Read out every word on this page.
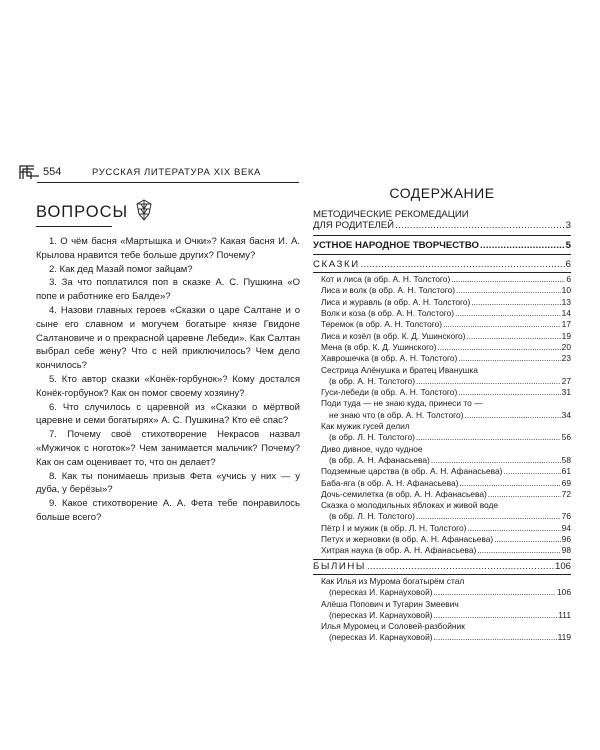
554	РУССКАЯ ЛИТЕРАТУРА XIX ВЕКА
ВОПРОСЫ

1. О чём басня «Мартышка и Очки»? Какая басня И. А. Крылова нравится тебе больше других? Почему?

2. Как дед Мазай помог зайцам?

3. За что поплатился поп в сказке А. С. Пушкина «О попе и работнике его Балде»?

4. Назови главных героев «Сказки о царе Салтане и о сыне его славном и могучем богатыре князе Гвидоне Салтановиче и о прекрасной царевне Лебеди». Как Салтан выбрал себе жену? Что с ней приключилось? Чем дело кончилось?

5. Кто автор сказки «Конёк-горбунок»? Кому достался Конёк-горбунок? Как он помог своему хозяину?

6. Что случилось с царевной из «Сказки о мёртвой царевне и семи богатырях» А. С. Пушкина? Кто её спас?

7. Почему своё стихотворение Некрасов назвал «Мужичок с ноготок»? Чем занимается мальчик? Почему? Как он сам оценивает то, что он делает?

8. Как ты понимаешь призыв Фета «учись у них — у дуба, у берёзы»?

9. Какое стихотворение А. А. Фета тебе понравилось больше всего?

СОДЕРЖАНИЕ
МЕТОДИЧЕСКИЕ РЕКОМЕДАЦИИ
ДЛЯ РОДИТЕЛЕЙ . . .	3
УСТНОЕ НАРОДНОЕ ТВОРЧЕСТВО . . .	5
СКАЗКИ . . .	6
Кот и лиса (в обр. А. Н. Толстого) . . .	6
Лиса и волк (в обр. А. Н. Толстого) . . .	10
Лиса и журавль (в обр. А. Н. Толстого) . . .	13
Волк и коза (в обр. А. Н. Толстого) . . .	14
Теремок (в обр. А. Н. Толстого) . . .	17
Лиса и козёл (в обр. К. Д. Ушинского) . . .	19
Мена (в обр. К. Д. Ушинского) . . .	20
Хаврошечка (в обр. А. Н. Толстого) . . .	23
Сестрица Алёнушка и братец Иванушка
(в обр. А. Н. Толстого) . . .	27
Гуси-лебеди (в обр. А. Н. Толстого) . . .	31
Поди туда — не знаю куда, принеси то —
не знаю что (в обр. А. Н. Толстого) . . .	34
Как мужик гусей делил
(в обр. Л. Н. Толстого) . . .	56
Диво дивное, чудо чудное
(в обр. А. Н. Афанасьева) . . .	58
Подземные царства (в обр. А. Н. Афанасьева) . . .	61
Баба-яга (в обр. А. Н. Афанасьева) . . .	69
Дочь-семилетка (в обр. А. Н. Афанасьева) . . .	72
Сказка о молодильных яблоках и живой воде
(в обр. Л. Н. Толстого) . . .	76
Пётр I и мужик (в обр. Л. Н. Толстого) . . .	94
Петух и жерновки (в обр. А. Н. Афанасьева) . . .	96
Хитрая наука (в обр. А. Н. Афанасьева) . . .	98
БЫЛИНЫ . . .	106
Как Илья из Мурома богатырём стал
(пересказ И. Карнауховой) . . .	106
Алёша Попович и Тугарин Змеевич
(пересказ И. Карнауховой) . . .	111
Илья Муромец и Соловей-разбойник
(пересказ И. Карнауховой) . . .	119
